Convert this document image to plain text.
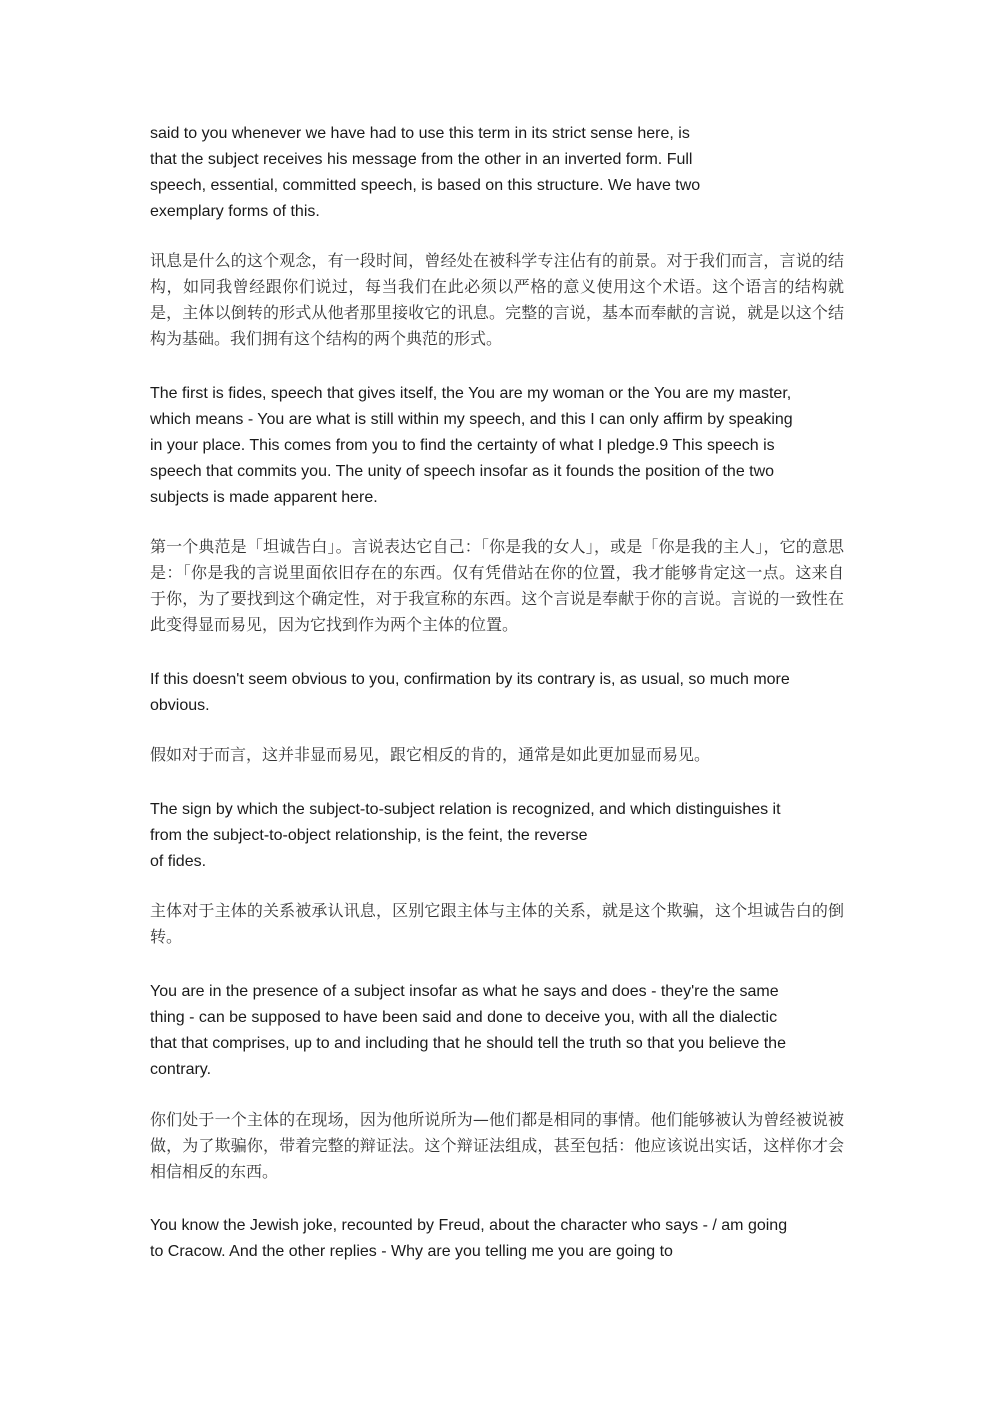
said to you whenever we have had to use this term in its strict sense here, is
that the subject receives his message from the other in an inverted form. Full
speech, essential, committed speech, is based on this structure. We have two
exemplary forms of this.

讯息是什么的这个观念，有一段时间，曾经处在被科学专注佔有的前景。对于我们而言，言说的结构，如同我曾经跟你们说过，每当我们在此必须以严格的意义使用这个术语。这个语言的结构就是，主体以倒转的形式从他者那里接收它的讯息。完整的言说，基本而奉献的言说，就是以这个结构为基础。我们拥有这个结构的两个典范的形式。

The first is fides, speech that gives itself, the You are my woman or the You are my master,
which means - You are what is still within my speech, and this I can only affirm by speaking
in your place. This comes from you to find the certainty of what I pledge.9 This speech is
speech that commits you. The unity of speech insofar as it founds the position of the two
subjects is made apparent here.

第一个典范是「坦诚告白」。言说表达它自己：「你是我的女人」，或是「你是我的主人」，它的意思是：「你是我的言说里面依旧存在的东西。仅有凭借站在你的位置，我才能够肯定这一点。这来自于你，为了要找到这个确定性，对于我宣称的东西。这个言说是奉献于你的言说。言说的一致性在此变得显而易见，因为它找到作为两个主体的位置。

If this doesn't seem obvious to you, confirmation by its contrary is, as usual, so much more
obvious.

假如对于而言，这并非显而易见，跟它相反的肯的，通常是如此更加显而易见。

The sign by which the subject-to-subject relation is recognized, and which distinguishes it
from the subject-to-object relationship, is the feint, the reverse
of fides.

主体对于主体的关系被承认讯息，区别它跟主体与主体的关系，就是这个欺骗，这个坦诚告白的倒转。

You are in the presence of a subject insofar as what he says and does - they're the same
thing - can be supposed to have been said and done to deceive you, with all the dialectic
that that comprises, up to and including that he should tell the truth so that you believe the
contrary.

你们处于一个主体的在现场，因为他所说所为—他们都是相同的事情。他们能够被认为曾经被说被做，为了欺骗你，带着完整的辩证法。这个辩证法组成，甚至包括：他应该说出实话，这样你才会相信相反的东西。

You know the Jewish joke, recounted by Freud, about the character who says - / am going
to Cracow. And the other replies - Why are you telling me you are going to
